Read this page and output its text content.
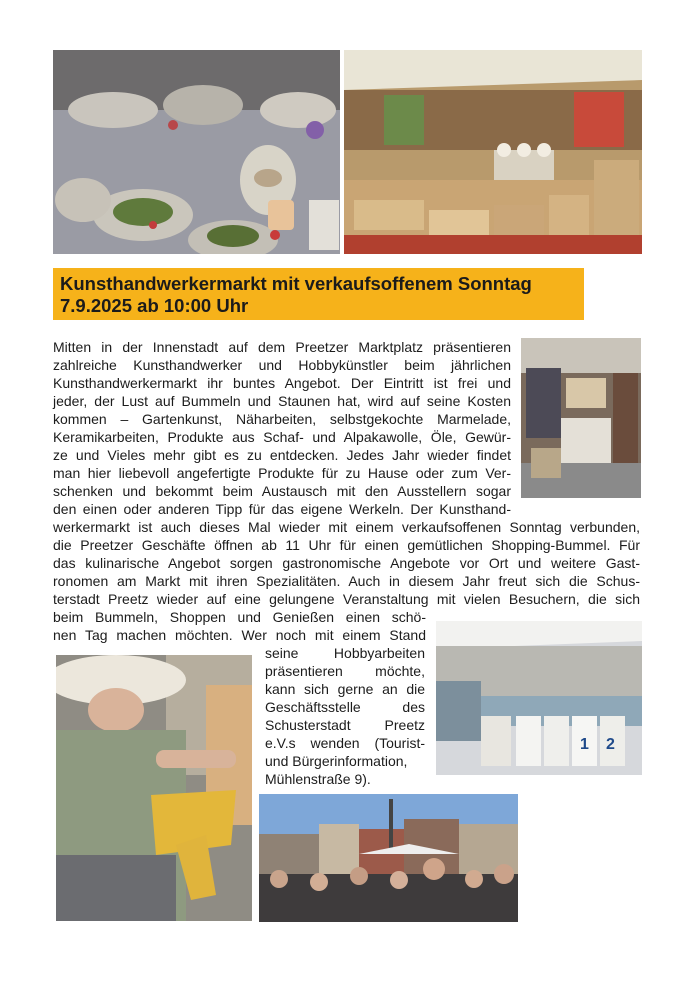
Kunsthandwerkermarkt mit verkaufsoffenem Sonntag
7.9.2025 ab 10:00 Uhr
1 2
Mitten in der Innenstadt auf dem Preetzer Marktplatz präsentieren
zahlreiche Kunsthandwerker und Hobbykünstler beim jährlichen
Kunsthandwerkermarkt ihr buntes Angebot. Der Eintritt ist frei und
jeder, der Lust auf Bummeln und Staunen hat, wird auf seine Kosten
kommen – Gartenkunst, Näharbeiten, selbstgekochte Marmelade,
Keramikarbeiten, Produkte aus Schaf- und Alpakawolle, Öle, Gewür-
ze und Vieles mehr gibt es zu entdecken. Jedes Jahr wieder findet
man hier liebevoll angefertigte Produkte für zu Hause oder zum Ver-
schenken und bekommt beim Austausch mit den Ausstellern sogar
den einen oder anderen Tipp für das eigene Werkeln. Der Kunsthand-
werkermarkt ist auch dieses Mal wieder mit einem verkaufsoffenen Sonntag verbunden,
die Preetzer Geschäfte öffnen ab 11 Uhr für einen gemütlichen Shopping-Bummel. Für
das kulinarische Angebot sorgen gastronomische Angebote vor Ort und weitere Gast-
ronomen am Markt mit ihren Spezialitäten. Auch in diesem Jahr freut sich die Schus-
terstadt Preetz wieder auf eine gelungene Veranstaltung mit vielen Besuchern, die sich
beim Bummeln, Shoppen und Genießen einen schö-
nen Tag machen möchten. Wer noch mit einem Stand
seine Hobbyarbeiten
präsentieren möchte,
kann sich gerne an die
Geschäftsstelle des
Schusterstadt Preetz
e.V.s wenden (Tourist-
und Bürgerinformation,
Mühlenstraße 9).
